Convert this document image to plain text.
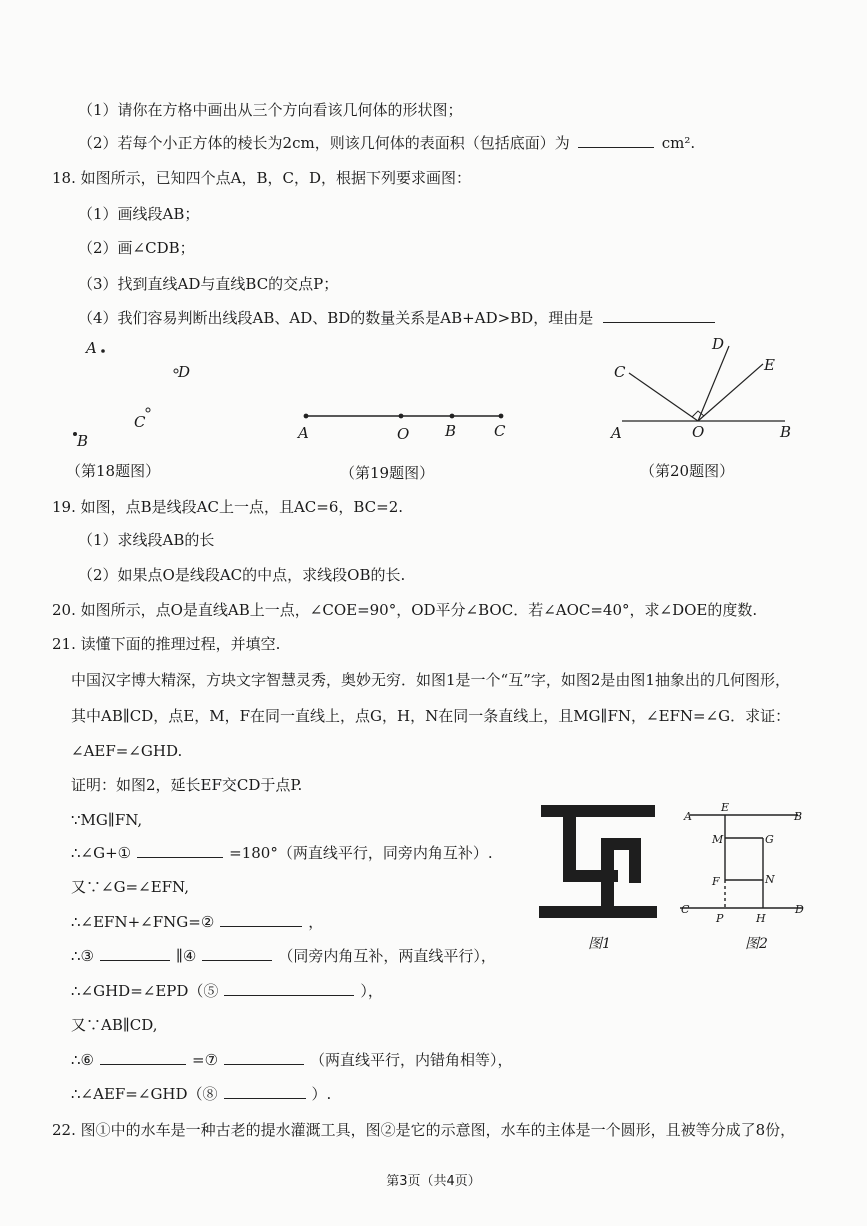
（1）请你在方格中画出从三个方向看该几何体的形状图；
（2）若每个小正方体的棱长为2cm，则该几何体的表面积（包括底面）为	cm².
18. 如图所示，已知四个点A，B，C，D，根据下列要求画图：
（1）画线段AB；
（2）画∠CDB；
（3）找到直线AD与直线BC的交点P；
（4）我们容易判断出线段AB、AD、BD的数量关系是AB+AD>BD，理由是
A
D
C
B
（第18题图）
A	O B	C
（第19题图）
C
D
E
A	O	B
（第20题图）
19. 如图，点B是线段AC上一点，且AC=6，BC=2.
（1）求线段AB的长
（2）如果点O是线段AC的中点，求线段OB的长.
20. 如图所示，点O是直线AB上一点，∠COE=90°，OD平分∠BOC．若∠AOC=40°，求∠DOE的度数.
21. 读懂下面的推理过程，并填空.
中国汉字博大精深，方块文字智慧灵秀，奥妙无穷．如图1是一个“互”字，如图2是由图1抽象出的几何图形，
其中AB∥CD，点E，M，F在同一直线上，点G，H，N在同一条直线上，且MG∥FN，∠EFN=∠G．求证：
∠AEF=∠GHD.
证明：如图2，延长EF交CD于点P.
∵MG∥FN,
∴∠G+①	=180°（两直线平行，同旁内角互补）.
又∵∠G=∠EFN,
∴∠EFN+∠FNG=②	，
∴③	∥④	（同旁内角互补，两直线平行），
∴∠GHD=∠EPD（⑤	），
又∵AB∥CD,
∴⑥	=⑦	（两直线平行，内错角相等），
∴∠AEF=∠GHD（⑧	）.
图1
A	B
C	D
E
M	G
F	N
P	H
图2
22. 图①中的水车是一种古老的提水灌溉工具，图②是它的示意图，水车的主体是一个圆形，且被等分成了8份，
第3页（共4页）
